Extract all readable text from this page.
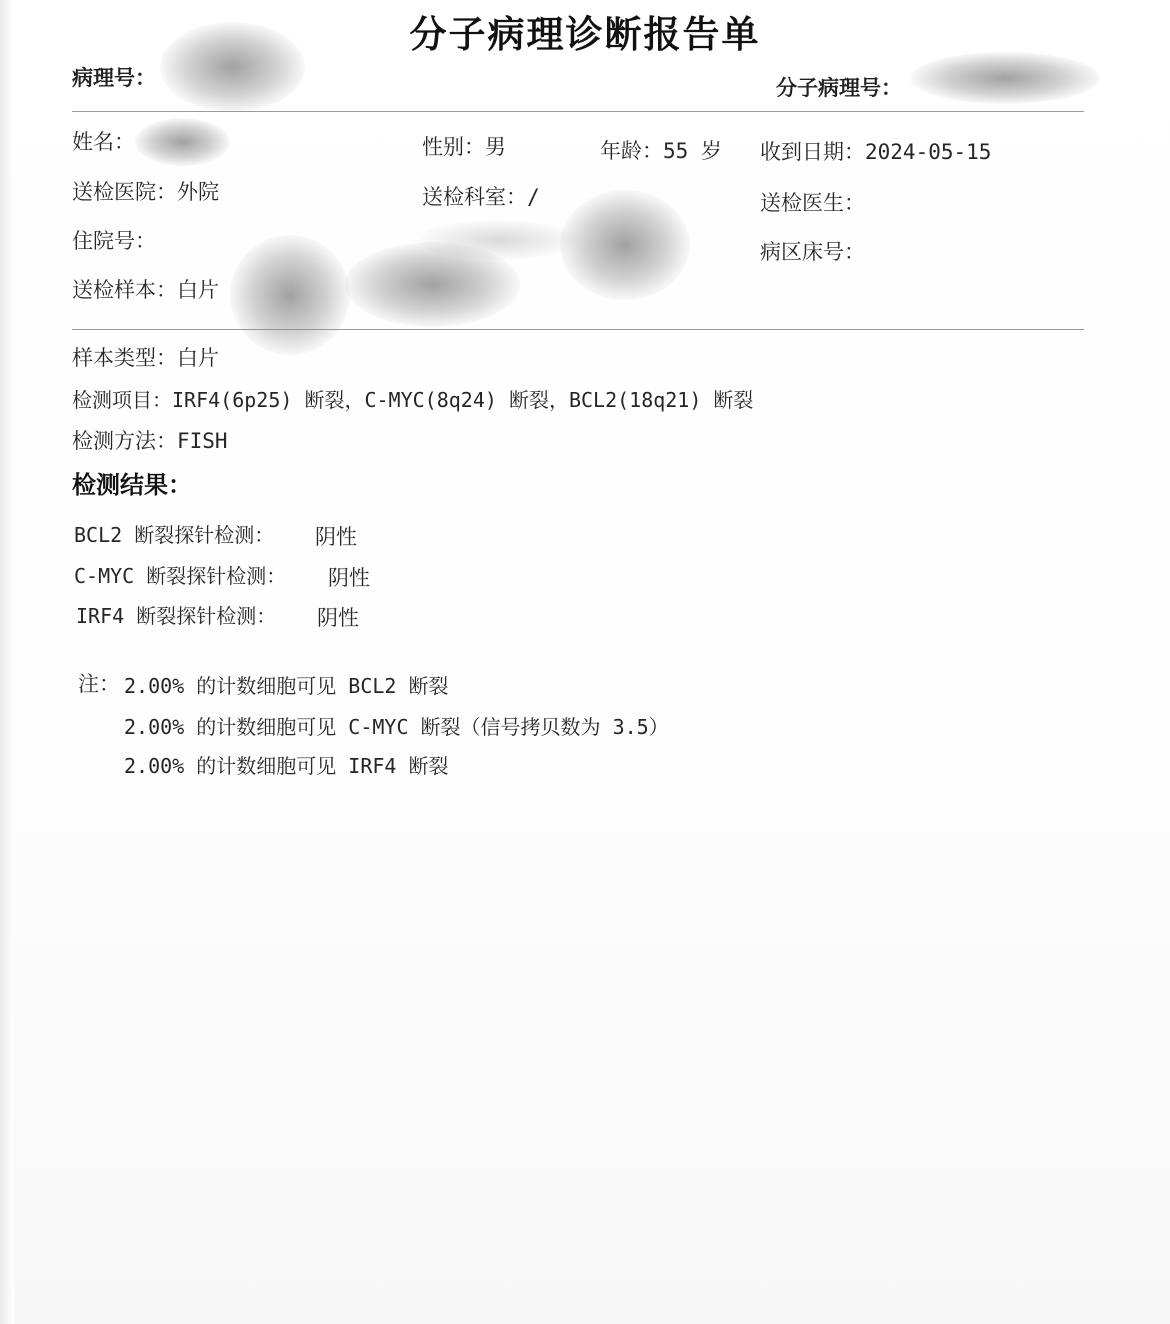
分子病理诊断报告单
病理号：	分子病理号：
姓名：	性别：男	年龄：55 岁 收到日期：2024-05-15
送检医院：外院	送检科室：/	送检医生：
住院号：	病区床号：
送检样本：白片
样本类型：白片
检测项目：IRF4(6p25) 断裂，C-MYC(8q24) 断裂，BCL2(18q21) 断裂
检测方法：FISH
检测结果：
BCL2 断裂探针检测： 阴性
C-MYC 断裂探针检测： 阴性
IRF4 断裂探针检测： 阴性
注： 2.00% 的计数细胞可见 BCL2 断裂
2.00% 的计数细胞可见 C-MYC 断裂（信号拷贝数为 3.5）
2.00% 的计数细胞可见 IRF4 断裂
